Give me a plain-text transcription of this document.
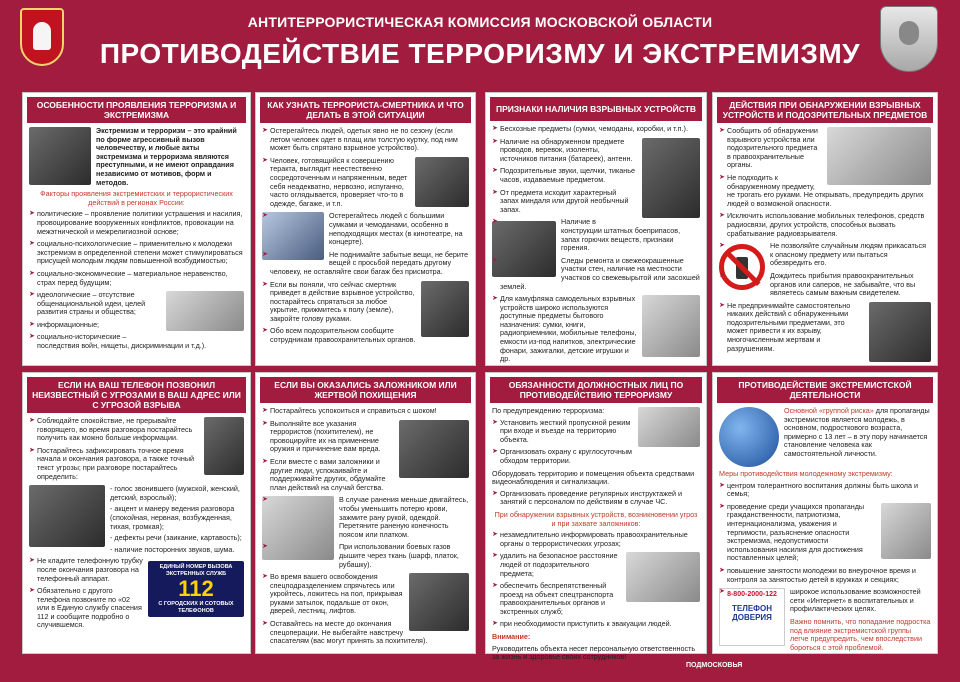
АНТИТЕРРОРИСТИЧЕСКАЯ КОМИССИЯ МОСКОВСКОЙ ОБЛАСТИ
ПРОТИВОДЕЙСТВИЕ ТЕРРОРИЗМУ И ЭКСТРЕМИЗМУ
ОСОБЕННОСТИ ПРОЯВЛЕНИЯ ТЕРРОРИЗМА И ЭКСТРЕМИЗМА
Экстремизм и терроризм – это крайний по форме агрессивный вызов человечеству, и любые акты экстремизма и терроризма являются преступными, и не имеют оправдания независимо от мотивов, форм и методов.
Факторы проявления экстремистских и террористических действий в регионах России:
➤ политические – проявление политики устрашения и насилия, провоцирование вооруженных конфликтов, провокации на межэтнической и межрелигиозной основе;
➤ социально-психологические – применительно к молодежи экстремизм в определенной степени может стимулироваться присущей молодым людям повышенной возбудимостью;
➤ социально-экономические – материальное неравенство, страх перед будущим;
➤ идеологические – отсутствие общенациональной идеи, целей развития страны и общества;
➤ информационные;
➤ социально-исторические – последствия войн, нищеты, дискриминации и т.д.).
КАК УЗНАТЬ ТЕРРОРИСТА-СМЕРТНИКА И ЧТО ДЕЛАТЬ В ЭТОЙ СИТУАЦИИ
➤ Остерегайтесь людей, одетых явно не по сезону (если летом человек одет в плащ или толстую куртку, под ним может быть спрятано взрывное устройство).
➤ Человек, готовящийся к совершению теракта, выглядит неестественно сосредоточенным и напряженным, ведет себя неадекватно, нервозно, испуганно, часто оглядывается, проверяет что-то в одежде, багаже, и т.п.
➤ Остерегайтесь людей с большими сумками и чемоданами, особенно в неподходящих местах (в кинотеатре, на концерте).
➤ Не поднимайте забытые вещи, не берите вещей с просьбой передать другому человеку, не оставляйте свои багаж без присмотра.
➤ Если вы поняли, что сейчас смертник приведет в действие взрывное устройство, постарайтесь спрятаться за любое укрытие, прижмитесь к полу (земле), закройте голову руками.
➤ Обо всем подозрительном сообщите сотрудникам правоохранительных органов.
ПРИЗНАКИ НАЛИЧИЯ ВЗРЫВНЫХ УСТРОЙСТВ
➤ Бесхозные предметы (сумки, чемоданы, коробки, и т.п.).
➤ Наличие на обнаруженном предмете проводов, веревок, изоленты, источников питания (батареек), антенн.
➤ Подозрительные звуки, щелчки, тиканье часов, издаваемые предметом.
➤ От предмета исходит характерный запах миндаля или другой необычный запах.
➤ Наличие в конструкции штатных боеприпасов, запах горючих веществ, признаки горения.
➤ Следы ремонта и свежеокрашенные участки стен, наличие на местности участков со свежевырытой или засохшей землей.
➤ Для камуфляжа самодельных взрывных устройств широко используются доступные предметы бытового назначения: сумки, книги, радиоприемники, мобильные телефоны, емкости из-под напитков, электрические фонари, зажигалки, детские игрушки и др.
ДЕЙСТВИЯ ПРИ ОБНАРУЖЕНИИ ВЗРЫВНЫХ УСТРОЙСТВ И ПОДОЗРИТЕЛЬНЫХ ПРЕДМЕТОВ
➤ Сообщить об обнаружении взрывного устройства или подозрительного предмета в правоохранительные органы.
➤ Не подходить к обнаруженному предмету, не трогать его руками. Не открывать, предупредить других людей о возможной опасности.
➤ Исключить использование мобильных телефонов, средств радиосвязи, других устройств, способных вызвать срабатывание радиовзрывателя.
➤ Не позволяйте случайным людям прикасаться к опасному предмету или пытаться обезвредить его.
➤ Дождитесь прибытия правоохранительных органов или саперов, не забывайте, что вы являетесь самым важным свидетелем.
➤ Не предпринимайте самостоятельно никаких действий с обнаруженными подозрительными предметами, это может привести к их взрыву, многочисленным жертвам и разрушениям.
ЕСЛИ НА ВАШ ТЕЛЕФОН ПОЗВОНИЛ НЕИЗВЕСТНЫЙ С УГРОЗАМИ В ВАШ АДРЕС ИЛИ С УГРОЗОЙ ВЗРЫВА
➤ Соблюдайте спокойствие, не прерывайте говорящего, во время разговора постарайтесь получить как можно больше информации.
➤ Постарайтесь зафиксировать точное время начала и окончания разговора, а также точный текст угрозы; при разговоре постарайтесь определить:
- голос звонившего (мужской, женский, детский, взрослый);
- акцент и манеру ведения разговора (спокойная, нервная, возбужденная, тихая, громкая);
- дефекты речи (заикание, картавость);
- наличие посторонних звуков, шума.
ЕДИНЫЙ НОМЕР ВЫЗОВА ЭКСТРЕННЫХ СЛУЖБ
112
С ГОРОДСКИХ И СОТОВЫХ ТЕЛЕФОНОВ
➤ Не кладите телефонную трубку после окончания разговора на телефонный аппарат.
➤ Обязательно с другого телефона позвоните по «02 или в Единую службу спасения 112 и сообщите подробно о случившемся.
ЕСЛИ ВЫ ОКАЗАЛИСЬ ЗАЛОЖНИКОМ ИЛИ ЖЕРТВОЙ ПОХИЩЕНИЯ
➤ Постарайтесь успокоиться и справиться с шоком!
➤ Выполняйте все указания террористов (похитителем), не провоцируйте их на применение оружия и причинение вам вреда.
➤ Если вместе с вами заложники и другие люди, успокаивайте и поддерживайте других, обдумайте план действий на случай бегства.
➤ В случае ранения меньше двигайтесь, чтобы уменьшить потерю крови, зажмите рану рукой, одеждой. Перетяните раненую конечность поясом или платком.
➤ При использовании боевых газов дышите через ткань (шарф, платок, рубашку).
➤ Во время вашего освобождения спецподразделением спрячьтесь или укройтесь, ложитесь на пол, прикрывая руками затылок, подальше от окон, дверей, лестниц, лифтов.
➤ Оставайтесь на месте до окончания спецоперации. Не выбегайте навстречу спасателям (вас могут принять за похитителя).
ОБЯЗАННОСТИ ДОЛЖНОСТНЫХ ЛИЦ ПО ПРОТИВОДЕЙСТВИЮ ТЕРРОРИЗМУ
По предупреждению терроризма:
➤ Установить жесткий пропускной режим при входе и въезде на территорию объекта.
➤ Организовать охрану с круглосуточным обходом территории.
Оборудовать территорию и помещения объекта средствами видеонаблюдения и сигнализации.
➤ Организовать проведение регулярных инструктажей и занятий с персоналом по действиям в случае ЧС.
При обнаружении взрывных устройств, возникновении угроз и при захвате заложников:
➤ незамедлительно информировать правоохранительные органы о террористических угрозах;
➤ удалить на безопасное расстояние людей от подозрительного предмета;
➤ обеспечить беспрепятственный проезд на объект спецтранспорта правоохранительных органов и экстренных служб;
➤ при необходимости приступить к эвакуации людей.
Внимание:
Руководитель объекта несет персональную ответственность за жизнь и здоровье своих сотрудников!
ПРОТИВОДЕЙСТВИЕ ЭКСТРЕМИСТСКОЙ ДЕЯТЕЛЬНОСТИ
Основной «группой риска» для пропаганды экстремистов является молодежь, в основном, подросткового возраста, примерно с 13 лет – в эту пору начинается становление человека как самостоятельной личности.
Меры противодействия молодежному экстремизму:
➤ центром толерантного воспитания должны быть школа и семья;
➤ проведение среди учащихся пропаганды гражданственности, патриотизма, интернационализма, уважения и терпимости, разъяснение опасности экстремизма, недопустимости использования насилия для достижения поставленных целей;
➤ повышение занятости молодежи во внеурочное время и контроля за занятостью детей в кружках и секциях;
8-800-2000-122
ТЕЛЕФОН ДОВЕРИЯ
➤ широкое использование возможностей сети «Интернет» в воспитательных и профилактических целях.
Важно помнить, что попадание подростка под влияние экстремистской группы легче предупредить, чем впоследствии бороться с этой проблемой.
ПОДМОСКОВЬЯ
